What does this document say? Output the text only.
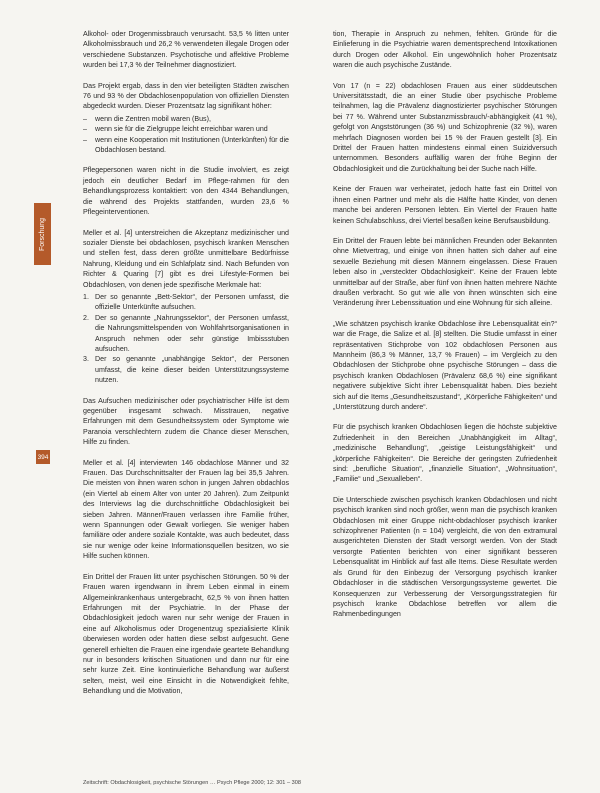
Forschung
394

Alkohol- oder Drogenmissbrauch verursacht. 53,5 % litten unter Alkoholmissbrauch und 26,2 % verwendeten illegale Drogen oder verschiedene Substanzen. Psychotische und affektive Probleme wurden bei 17,3 % der Teilnehmer diagnostiziert.

Das Projekt ergab, dass in den vier beteiligten Städten zwischen 76 und 93 % der Obdachlosenpopulation von offiziellen Diensten abgedeckt wurden. Dieser Prozentsatz lag signifikant höher:

– wenn die Zentren mobil waren (Bus),
– wenn sie für die Zielgruppe leicht erreichbar waren und
– wenn eine Kooperation mit Institutionen (Unterkünften) für die Obdachlosen bestand.

Pflegepersonen waren nicht in die Studie involviert, es zeigt jedoch ein deutlicher Bedarf im Pflege-rahmen für den Behandlungsprozess kontaktiert: von den 4344 Behandlungen, die während des Projekts stattfanden, wurden 23,6 % Pflegeinterventionen.

Meller et al. [4] unterstreichen die Akzeptanz medizinischer und sozialer Dienste bei obdachlosen, psychisch kranken Menschen und stellen fest, dass deren größte unmittelbare Bedürfnisse Nahrung, Kleidung und ein Schlafplatz sind. Nach Befunden von Richter & Quaring [7] gibt es drei Lifestyle-Formen bei Obdachlosen, von denen jede spezifische Merkmale hat:

1. Der so genannte „Bett-Sektor“, der Personen umfasst, die offizielle Unterkünfte aufsuchen.
2. Der so genannte „Nahrungssektor“, der Personen umfasst, die Nahrungsmittelspenden von Wohlfahrtsorganisationen in Anspruch nehmen oder sehr günstige Imbissstuben aufsuchen.
3. Der so genannte „unabhängige Sektor“, der Personen umfasst, die keine dieser beiden Unterstützungssysteme nutzen.

Das Aufsuchen medizinischer oder psychiatrischer Hilfe ist dem gegenüber insgesamt schwach. Misstrauen, negative Erfahrungen mit dem Gesundheitssystem oder Symptome wie Paranoia verschlechtern zudem die Chance dieser Menschen, Hilfe zu finden.

Meller et al. [4] interviewten 146 obdachlose Männer und 32 Frauen. Das Durchschnittsalter der Frauen lag bei 35,5 Jahren. Die meisten von ihnen waren schon in jungen Jahren obdachlos (ein Viertel ab einem Alter von unter 20 Jahren). Zum Zeitpunkt des Interviews lag die durchschnittliche Obdachlosigkeit bei sieben Jahren. Männer/Frauen verlassen ihre Familie früher, wenn Spannungen oder Gewalt vorliegen. Sie weniger haben familiäre oder andere soziale Kontakte, was auch bedeutet, dass sie nur wenige oder keine Informationsquellen besitzen, wo sie Hilfe suchen können.

Ein Drittel der Frauen litt unter psychischen Störungen. 50 % der Frauen waren irgendwann in ihrem Leben einmal in einem Allgemeinkrankenhaus untergebracht, 62,5 % von ihnen hatten Erfahrungen mit der Psychiatrie. In der Phase der Obdachlosigkeit jedoch waren nur sehr wenige der Frauen in eine auf Alkoholismus oder Drogenentzug spezialisierte Klinik überwiesen worden oder hatten diese selbst aufgesucht. Gene generell erhielten die Frauen eine irgendwie geartete Behandlung nur in besonders kritischen Situationen und dann nur für eine sehr kurze Zeit. Eine kontinuierliche Behandlung war äußerst selten, meist, weil eine Einsicht in die Notwendigkeit fehlte, Behandlung und die Motivation,

tion, Therapie in Anspruch zu nehmen, fehlten. Gründe für die Einlieferung in die Psychiatrie waren dementsprechend Intoxikationen durch Drogen oder Alkohol. Ein ungewöhnlich hoher Prozentsatz waren die auch psychische Zustände.

Von 17 (n = 22) obdachlosen Frauen aus einer süddeutschen Universitätsstadt, die an einer Studie über psychische Probleme teilnahmen, lag die Prävalenz diagnostizierter psychischer Störungen bei 77 %. Während unter Substanzmissbrauch/-abhängigkeit (41 %), gefolgt von Angststörungen (36 %) und Schizophrenie (32 %), waren mehrfach Diagnosen worden bei 15 % der Frauen gestellt [3]. Ein Drittel der Frauen hatten mindestens einmal einen Suizidversuch unternommen. Besonders auffällig waren der frühe Beginn der Obdachlosigkeit und die Zurückhaltung bei der Suche nach Hilfe.

Keine der Frauen war verheiratet, jedoch hatte fast ein Drittel von ihnen einen Partner und mehr als die Hälfte hatte Kinder, von denen manche bei anderen Personen lebten. Ein Viertel der Frauen hatte keinen Schulabschluss, drei Viertel besaßen keine Berufsausbildung.

Ein Drittel der Frauen lebte bei männlichen Freunden oder Bekannten ohne Mietvertrag, und einige von ihnen hatten sich daher auf eine sexuelle Beziehung mit diesen Männern eingelassen. Diese Frauen leben also in „versteckter Obdachlosigkeit“. Keine der Frauen lebte unmittelbar auf der Straße, aber fünf von ihnen hatten mehrere Nächte draußen verbracht. So gut wie alle von ihnen wünschten sich eine Veränderung ihrer Lebenssituation und eine Wohnung für sich alleine.

„Wie schätzen psychisch kranke Obdachlose ihre Lebensqualität ein?“ war die Frage, die Salize et al. [8] stellten. Die Studie umfasst in einer repräsentativen Stichprobe von 102 obdachlosen Personen aus Mannheim (86,3 % Männer, 13,7 % Frauen) – im Vergleich zu den Obdachlosen der Stichprobe ohne psychische Störungen – dass die psychisch kranken Obdachlosen (Prävalenz 68,6 %) eine signifikant negativere subjektive Sicht ihrer Lebensqualität haben. Dies bezieht sich auf die Items „Gesundheitszustand“, „Körperliche Fähigkeiten“ und „Unterstützung durch andere“.

Für die psychisch kranken Obdachlosen liegen die höchste subjektive Zufriedenheit in den Bereichen „Unabhängigkeit im Alltag“, „medizinische Behandlung“, „geistige Leistungsfähigkeit“ und „körperliche Fähigkeiten“. Die Bereiche der geringsten Zufriedenheit sind: „berufliche Situation“, „finanzielle Situation“, „Wohnsituation“, „Familie“ und „Sexualleben“.

Die Unterschiede zwischen psychisch kranken Obdachlosen und nicht psychisch kranken sind noch größer, wenn man die psychisch kranken Obdachlosen mit einer Gruppe nicht-obdachloser psychisch kranker schizophrener Patienten (n = 104) vergleicht, die von den extramural ausgerichteten Diensten der Stadt versorgt werden. Von der Stadt versorgte Patienten berichten von einer signifikant besseren Lebensqualität im Hinblick auf fast alle Items. Diese Resultate werden als Grund für den Einbezug der Versorgung psychisch kranker Obdachloser in die städtischen Versorgungssysteme gewertet. Die Konsequenzen zur Verbesserung der Versorgungsstrategien für psychisch kranke Obdachlose betreffen vor allem die Rahmenbedingungen

Zeitschrift: Obdachlosigkeit, psychische Störungen … Psych Pflege 2000; 12: 301 – 308
